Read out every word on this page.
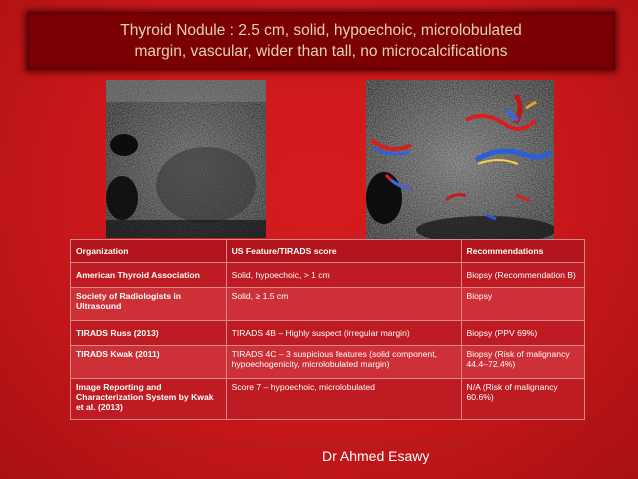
Thyroid Nodule : 2.5 cm, solid, hypoechoic, microlobulated
margin, vascular, wider than tall, no microcalcifications
Organization	US Feature/TIRADS score	Recommendations
American Thyroid Association	Solid, hypoechoic, > 1 cm	Biopsy (Recommendation B)
Society of Radiologists in Ultrasound	Solid, ≥ 1.5 cm	Biopsy
TIRADS Russ (2013)	TIRADS 4B – Highly suspect (irregular margin)	Biopsy (PPV 69%)
TIRADS Kwak (2011)	TIRADS 4C – 3 suspicious features (solid component, hypoechogenicity, microlobulated margin)	Biopsy (Risk of malignancy 44.4–72.4%)
Image Reporting and Characterization System by Kwak et al. (2013)	Score 7 – hypoechoic, microlobulated	N/A (Risk of malignancy 60.6%)
FNA of the nodule showed class 5 – suspicious for malignancy, which was found to be papillary carcinoma
Dr Ahmed Esawy
